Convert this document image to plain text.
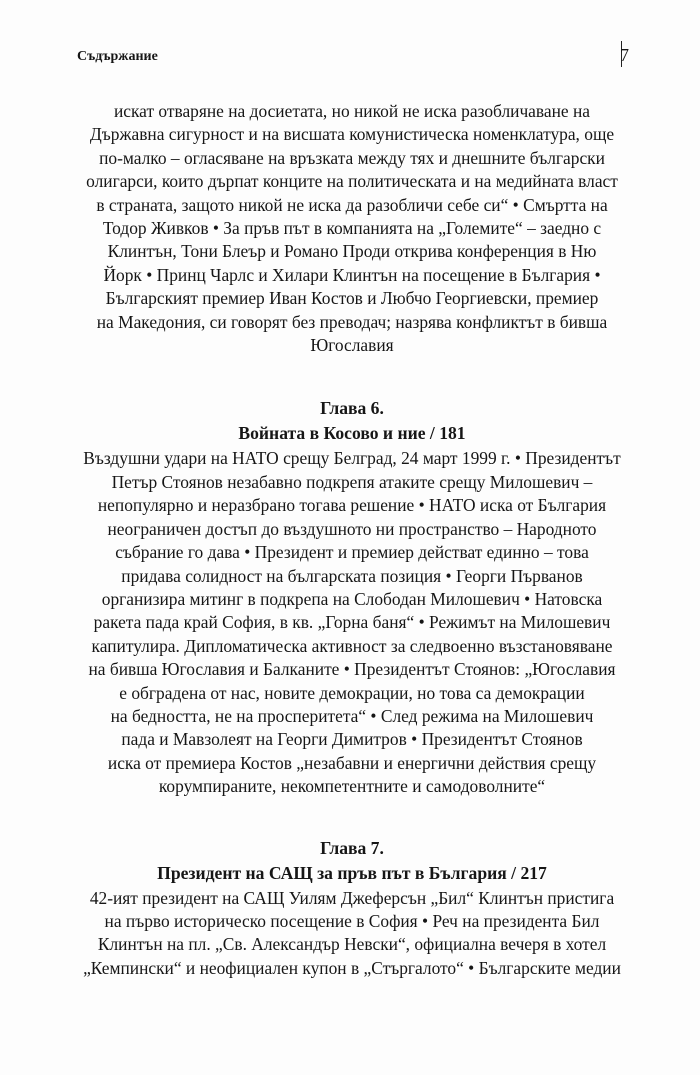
Съдържание	7

искат отваряне на досиетата, но никой не иска разобличаване на
Държавна сигурност и на висшата комунистическа номенклатура, още
по-малко – огласяване на връзката между тях и днешните български
олигарси, които дърпат конците на политическата и на медийната власт
в страната, защото никой не иска да разобличи себе си“ • Смъртта на
Тодор Живков • За пръв път в компанията на „Големите“ – заедно с
Клинтън, Тони Блеър и Романо Проди открива конференция в Ню
Йорк • Принц Чарлс и Хилари Клинтън на посещение в България •
Българският премиер Иван Костов и Любчо Георгиевски, премиер
на Македония, си говорят без преводач; назрява конфликтът в бивша
Югославия

Глава 6.
Войната в Косово и ние / 181

Въздушни удари на НАТО срещу Белград, 24 март 1999 г. • Президентът
Петър Стоянов незабавно подкрепя атаките срещу Милошевич –
непопулярно и неразбрано тогава решение • НАТО иска от България
неограничен достъп до въздушното ни пространство – Народното
събрание го дава • Президент и премиер действат единно – това
придава солидност на българската позиция • Георги Първанов
организира митинг в подкрепа на Слободан Милошевич • Натовска
ракета пада край София, в кв. „Горна баня“ • Режимът на Милошевич
капитулира. Дипломатическа активност за следвоенно възстановяване
на бивша Югославия и Балканите • Президентът Стоянов: „Югославия
е обградена от нас, новите демокрации, но това са демокрации
на бедността, не на просперитета“ • След режима на Милошевич
пада и Мавзолеят на Георги Димитров • Президентът Стоянов
иска от премиера Костов „незабавни и енергични действия срещу
корумпираните, некомпетентните и самодоволните“

Глава 7.
Президент на САЩ за пръв път в България / 217

42-ият президент на САЩ Уилям Джеферсън „Бил“ Клинтън пристига
на първо историческо посещение в София • Реч на президента Бил
Клинтън на пл. „Св. Александър Невски“, официална вечеря в хотел
„Кемпински“ и неофициален купон в „Стъргалото“ • Българските медии
